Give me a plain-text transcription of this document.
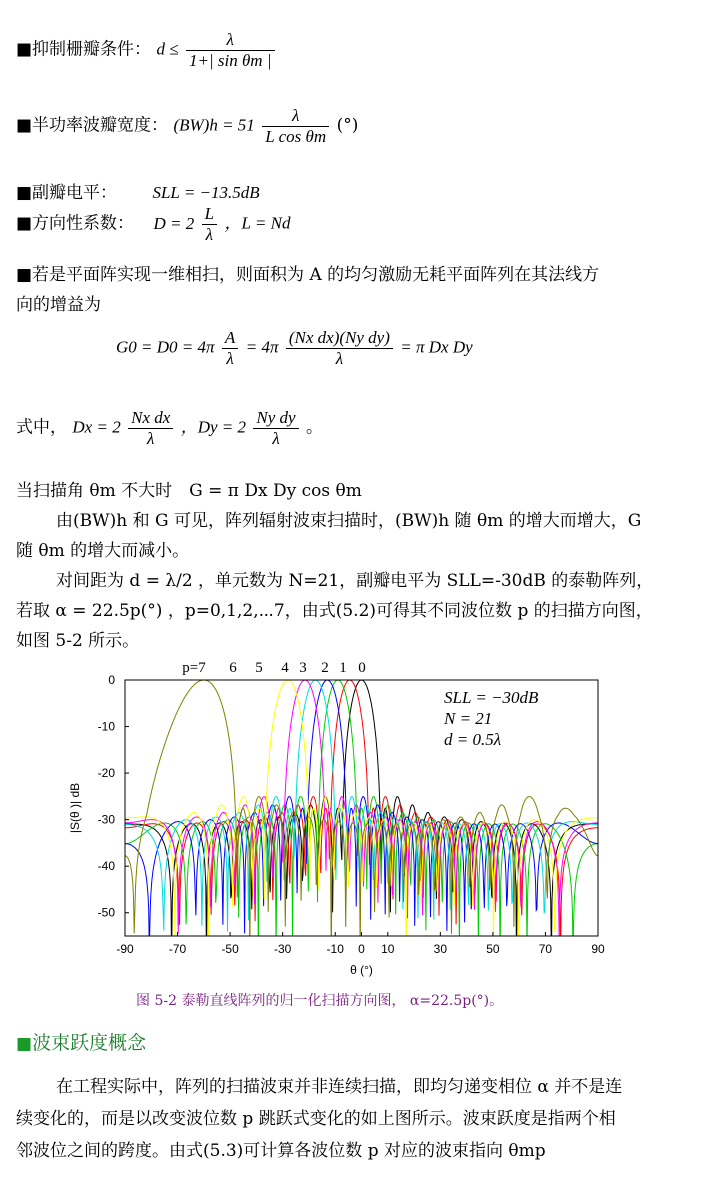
■抑制栅瓣条件： $d \le \frac{\lambda}{\text{1+| sin θm |}}$
■半功率波瓣宽度： $(BW)h = 51 \frac{\lambda}{\text{L cos θm}}$ (°)
■副瓣电平： SLL = −13.5dB
■方向性系数： $D = 2 \frac{L}{\lambda}$ ，L = Nd
■若是平面阵实现一维相扫，则面积为 A 的均匀激励无耗平面阵列在其法线方
向的增益为
$G0 = D0 = 4\pi \frac{A}{\lambda} = 4\pi \frac{\text{(Nx dx)(Ny dy)}}{\lambda} = \pi$ Dx Dy
式中， $Dx = 2 \frac{\text{Nx dx}}{\lambda}$ ，$Dy = 2 \frac{\text{Ny dy}}{\lambda}$ 。
当扫描角 θm 不大时　G = π Dx Dy cos θm
由(BW)h 和 G 可见，阵列辐射波束扫描时，(BW)h 随 θm 的增大而增大，G
随 θm 的增大而减小。
对间距为 d = λ/2 ，单元数为 N=21，副瓣电平为 SLL=-30dB 的泰勒阵列，
若取 α = 22.5p(°) ，p=0,1,2,⋯7，由式(5.2)可得其不同波位数 p 的扫描方向图，
如图 5-2 所示。
-90	-70	-50	-30	-10 0 10	30	50	70	90
0
-10
-20
-30
-40
-50
θ (°)
|S(θ )| dB
p=7 6 5 4 3 2 1 0
SLL = −30dB
N = 21
d = 0.5λ
图 5-2 泰勒直线阵列的归一化扫描方向图， α=22.5p(°)。
■波束跃度概念
在工程实际中，阵列的扫描波束并非连续扫描，即均匀递变相位 α 并不是连
续变化的，而是以改变波位数 p 跳跃式变化的如上图所示。波束跃度是指两个相
邻波位之间的跨度。由式(5.3)可计算各波位数 p 对应的波束指向 θmp
